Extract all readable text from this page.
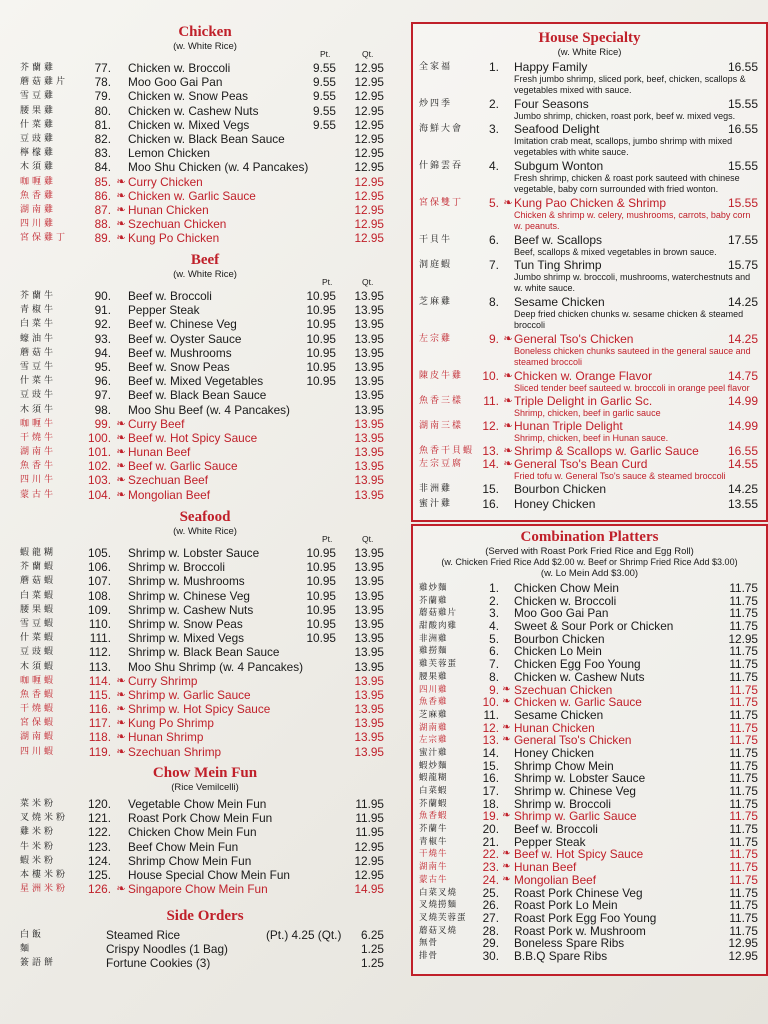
Chicken
(w. White Rice)
Pt.	Qt.
芥蘭雞	77. Chicken w. Broccoli	9.55	12.95
蘑菇雞片	78. Moo Goo Gai Pan	9.55	12.95
雪豆雞	79. Chicken w. Snow Peas	9.55	12.95
腰果雞	80. Chicken w. Cashew Nuts	9.55	12.95
什菜雞	81. Chicken w. Mixed Vegs	9.55	12.95
豆豉雞	82. Chicken w. Black Bean Sauce	12.95
檸檬雞	83. Lemon Chicken	12.95
木須雞	84. Moo Shu Chicken (w. 4 Pancakes)	12.95
咖喱雞	85. ❧ Curry Chicken	12.95
魚香雞	86. ❧ Chicken w. Garlic Sauce	12.95
湖南雞	87. ❧ Hunan Chicken	12.95
四川雞	88. ❧ Szechuan Chicken	12.95
宮保雞丁	89. ❧ Kung Po Chicken	12.95
Beef
(w. White Rice)
Pt.	Qt.
芥蘭牛	90. Beef w. Broccoli	10.95	13.95
青椒牛	91. Pepper Steak	10.95	13.95
白菜牛	92. Beef w. Chinese Veg	10.95	13.95
蠔油牛	93. Beef w. Oyster Sauce	10.95	13.95
蘑菇牛	94. Beef w. Mushrooms	10.95	13.95
雪豆牛	95. Beef w. Snow Peas	10.95	13.95
什菜牛	96. Beef w. Mixed Vegetables	10.95	13.95
豆豉牛	97. Beef w. Black Bean Sauce	13.95
木須牛	98. Moo Shu Beef (w. 4 Pancakes)	13.95
咖喱牛	99. ❧ Curry Beef	13.95
干燒牛	100. ❧ Beef w. Hot Spicy Sauce	13.95
湖南牛	101. ❧ Hunan Beef	13.95
魚香牛	102. ❧ Beef w. Garlic Sauce	13.95
四川牛	103. ❧ Szechuan Beef	13.95
蒙古牛	104. ❧ Mongolian Beef	13.95
Seafood
(w. White Rice)
Pt.	Qt.
蝦龍糊	105. Shrimp w. Lobster Sauce	10.95	13.95
芥蘭蝦	106. Shrimp w. Broccoli	10.95	13.95
蘑菇蝦	107. Shrimp w. Mushrooms	10.95	13.95
白菜蝦	108. Shrimp w. Chinese Veg	10.95	13.95
腰果蝦	109. Shrimp w. Cashew Nuts	10.95	13.95
雪豆蝦	110. Shrimp w. Snow Peas	10.95	13.95
什菜蝦	111. Shrimp w. Mixed Vegs	10.95	13.95
豆豉蝦	112. Shrimp w. Black Bean Sauce	13.95
木須蝦	113. Moo Shu Shrimp (w. 4 Pancakes)	13.95
咖喱蝦	114. ❧ Curry Shrimp	13.95
魚香蝦	115. ❧ Shrimp w. Garlic Sauce	13.95
干燒蝦	116. ❧ Shrimp w. Hot Spicy Sauce	13.95
宮保蝦	117. ❧ Kung Po Shrimp	13.95
湖南蝦	118. ❧ Hunan Shrimp	13.95
四川蝦	119. ❧ Szechuan Shrimp	13.95
Chow Mein Fun
(Rice Vemilcelli)
菜米粉	120. Vegetable Chow Mein Fun	11.95
叉燒米粉	121. Roast Pork Chow Mein Fun	11.95
雞米粉	122. Chicken Chow Mein Fun	11.95
牛米粉	123. Beef Chow Mein Fun	12.95
蝦米粉	124. Shrimp Chow Mein Fun	12.95
本樓米粉	125. House Special Chow Mein Fun	12.95
星洲米粉	126. ❧ Singapore Chow Mein Fun	14.95
Side Orders
白飯	Steamed Rice	(Pt.) 4.25 (Qt.)	6.25
麵	Crispy Noodles (1 Bag)	1.25
簽語餅	Fortune Cookies (3)	1.25
House Specialty
(w. White Rice)
全家福	1. Happy Family	16.55
Fresh jumbo shrimp, sliced pork, beef, chicken, scallops & vegetables mixed with sauce.
炒四季	2. Four Seasons	15.55
Jumbo shrimp, chicken, roast pork, beef w. mixed vegs.
海鮮大會	3. Seafood Delight	16.55
Imitation crab meat, scallops, jumbo shrimp with mixed vegetables with white sauce.
什錦雲吞	4. Subgum Wonton	15.55
Fresh shrimp, chicken & roast pork sauteed with chinese vegetable, baby corn surrounded with fried wonton.
宮保雙丁	5. ❧ Kung Pao Chicken & Shrimp	15.55
Chicken & shrimp w. celery, mushrooms, carrots, baby corn w. peanuts.
干貝牛	6. Beef w. Scallops	17.55
Beef, scallops & mixed vegetables in brown sauce.
洞庭蝦	7. Tun Ting Shrimp	15.75
Jumbo shrimp w. broccoli, mushrooms, waterchestnuts and w. white sauce.
芝麻雞	8. Sesame Chicken	14.25
Deep fried chicken chunks w. sesame chicken & steamed broccoli
左宗雞	9. ❧ General Tso's Chicken	14.25
Boneless chicken chunks sauteed in the general sauce and steamed broccoli
陳皮牛雞	10. ❧ Chicken w. Orange Flavor	14.75
Sliced tender beef sauteed w. broccoli in orange peel flavor
魚香三樣	11. ❧ Triple Delight in Garlic Sc.	14.99
Shrimp, chicken, beef in garlic sauce
湖南三樣	12. ❧ Hunan Triple Delight	14.99
Shrimp, chicken, beef in Hunan sauce.
魚香干貝蝦 13. ❧ Shrimp & Scallops w. Garlic Sauce 16.55
左宗豆腐	14. ❧ General Tso's Bean Curd	14.55
Fried tofu w. General Tso's sauce & steamed broccoli
非洲雞	15. Bourbon Chicken	14.25
蜜汁雞	16. Honey Chicken	13.55
Combination Platters
(Served with Roast Pork Fried Rice and Egg Roll)
(w. Chicken Fried Rice Add $2.00 w. Beef or Shrimp Fried Rice Add $3.00)
(w. Lo Mein Add $3.00)
雞炒麵	1. Chicken Chow Mein	11.75
芥蘭雞	2. Chicken w. Broccoli	11.75
蘑菇雞片	3. Moo Goo Gai Pan	11.75
甜酸肉雞	4. Sweet & Sour Pork or Chicken	11.75
非洲雞	5. Bourbon Chicken	12.95
雞撈麵	6. Chicken Lo Mein	11.75
雞芙蓉蛋	7. Chicken Egg Foo Young	11.75
腰果雞	8. Chicken w. Cashew Nuts	11.75
四川雞	9. ❧ Szechuan Chicken	11.75
魚香雞	10. ❧ Chicken w. Garlic Sauce	11.75
芝麻雞	11. Sesame Chicken	11.75
湖南雞	12. ❧ Hunan Chicken	11.75
左宗雞	13. ❧ General Tso's Chicken	11.75
蜜汁雞	14. Honey Chicken	11.75
蝦炒麵	15. Shrimp Chow Mein	11.75
蝦龍糊	16. Shrimp w. Lobster Sauce	11.75
白菜蝦	17. Shrimp w. Chinese Veg	11.75
芥蘭蝦	18. Shrimp w. Broccoli	11.75
魚香蝦	19. ❧ Shrimp w. Garlic Sauce	11.75
芥蘭牛	20. Beef w. Broccoli	11.75
青椒牛	21. Pepper Steak	11.75
干燒牛	22. ❧ Beef w. Hot Spicy Sauce	11.75
湖南牛	23. ❧ Hunan Beef	11.75
蒙古牛	24. ❧ Mongolian Beef	11.75
白菜叉燒	25. Roast Pork Chinese Veg	11.75
叉燒撈麵	26. Roast Pork Lo Mein	11.75
叉燒芙蓉蛋	27. Roast Pork Egg Foo Young	11.75
蘑菇叉燒	28. Roast Pork w. Mushroom	11.75
無骨	29. Boneless Spare Ribs	12.95
排骨	30. B.B.Q Spare Ribs	12.95
